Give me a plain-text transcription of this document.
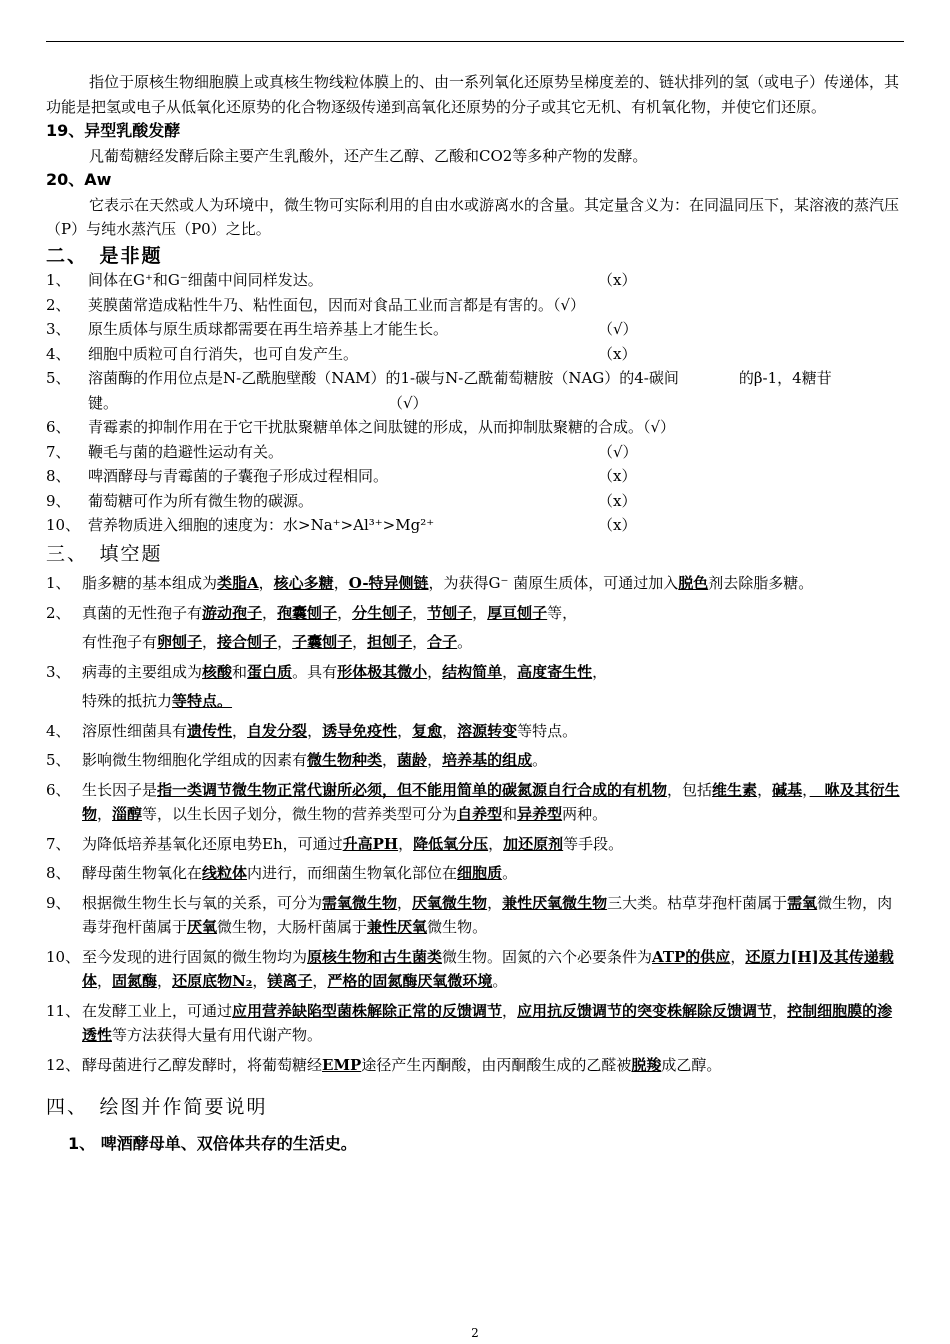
指位于原核生物细胞膜上或真核生物线粒体膜上的、由一系列氧化还原势呈梯度差的、链状排列的氢（或电子）传递体，其功能是把氢或电子从低氧化还原势的化合物逐级传递到高氧化还原势的分子或其它无机、有机氧化物，并使它们还原。

19、异型乳酸发酵

凡葡萄糖经发酵后除主要产生乳酸外，还产生乙醇、乙酸和CO2等多种产物的发酵。

20、Aw

它表示在天然或人为环境中，微生物可实际利用的自由水或游离水的含量。其定量含义为：在同温同压下，某溶液的蒸汽压（P）与纯水蒸汽压（P0）之比。

二、　是非题

1、	间体在G⁺和G⁻细菌中间同样发达。	（x）
2、	荚膜菌常造成粘性牛乃、粘性面包，因而对食品工业而言都是有害的。（√）
3、	原生质体与原生质球都需要在再生培养基上才能生长。	（√）
4、	细胞中质粒可自行消失，也可自发产生。	（x）
5、	溶菌酶的作用位点是N-乙酰胞壁酸（NAM）的1-碳与N-乙酰葡萄糖胺（NAG）的4-碳间　　　　的β-1，4糖苷键。　　　　　　　　　　　　　　　　　　　（√）
6、	青霉素的抑制作用在于它干扰肽聚糖单体之间肽键的形成，从而抑制肽聚糖的合成。（√）
7、	鞭毛与菌的趋避性运动有关。	（√）
8、	啤酒酵母与青霉菌的子囊孢子形成过程相同。	（x）
9、	葡萄糖可作为所有微生物的碳源。	（x）
10、 营养物质进入细胞的速度为：水>Na⁺>Al³⁺>Mg²⁺	（x）

三、　填空题

1、 脂多糖的基本组成为类脂A，核心多糖，O-特异侧链，为获得G⁻ 菌原生质体，可通过加入脱色剂去除脂多糖。
2、 真菌的无性孢子有游动孢子，孢囊刨子，分生刨子，节刨子，厚亘刨子等，
有性孢子有卵刨子，接合刨子，子囊刨子，担刨子，合子。
3、 病毒的主要组成为核酸和蛋白质。具有形体极其微小，结构简单，高度寄生性，
特殊的抵抗力等特点。
4、 溶原性细菌具有遗传性，自发分裂，诱导免疫性，复愈，溶源转变等特点。
5、 影响微生物细胞化学组成的因素有微生物种类，菌龄，培养基的组成。
6、 生长因子是指一类调节微生物正常代谢所必须，但不能用简单的碳氮源自行合成的有机物，包括维生素，碱基，　咻及其衍生物，淄醇等，以生长因子划分，微生物的营养类型可分为自养型和异养型两种。
7、 为降低培养基氧化还原电势Eh，可通过升高PH，降低氧分压，加还原剂等手段。
8、 酵母菌生物氧化在线粒体内进行，而细菌生物氧化部位在细胞质。
9、 根据微生物生长与氧的关系，可分为需氧微生物，厌氧微生物，兼性厌氧微生物三大类。枯草芽孢杆菌属于需氧微生物，肉毒芽孢杆菌属于厌氧微生物，大肠杆菌属于兼性厌氧微生物。
10、 至今发现的进行固氮的微生物均为原核生物和古生菌类微生物。固氮的六个必要条件为ATP的供应，还原力[H]及其传递载体，固氮酶，还原底物N₂，镁离子，严格的固氮酶厌氧微环境。
11、 在发酵工业上，可通过应用营养缺陷型菌株解除正常的反馈调节，应用抗反馈调节的突变株解除反馈调节，控制细胞膜的渗透性等方法获得大量有用代谢产物。
12、 酵母菌进行乙醇发酵时，将葡萄糖经EMP途径产生丙酮酸，由丙酮酸生成的乙醛被脱羧成乙醇。

四、　绘图并作简要说明

1、 啤酒酵母单、双倍体共存的生活史。

2
